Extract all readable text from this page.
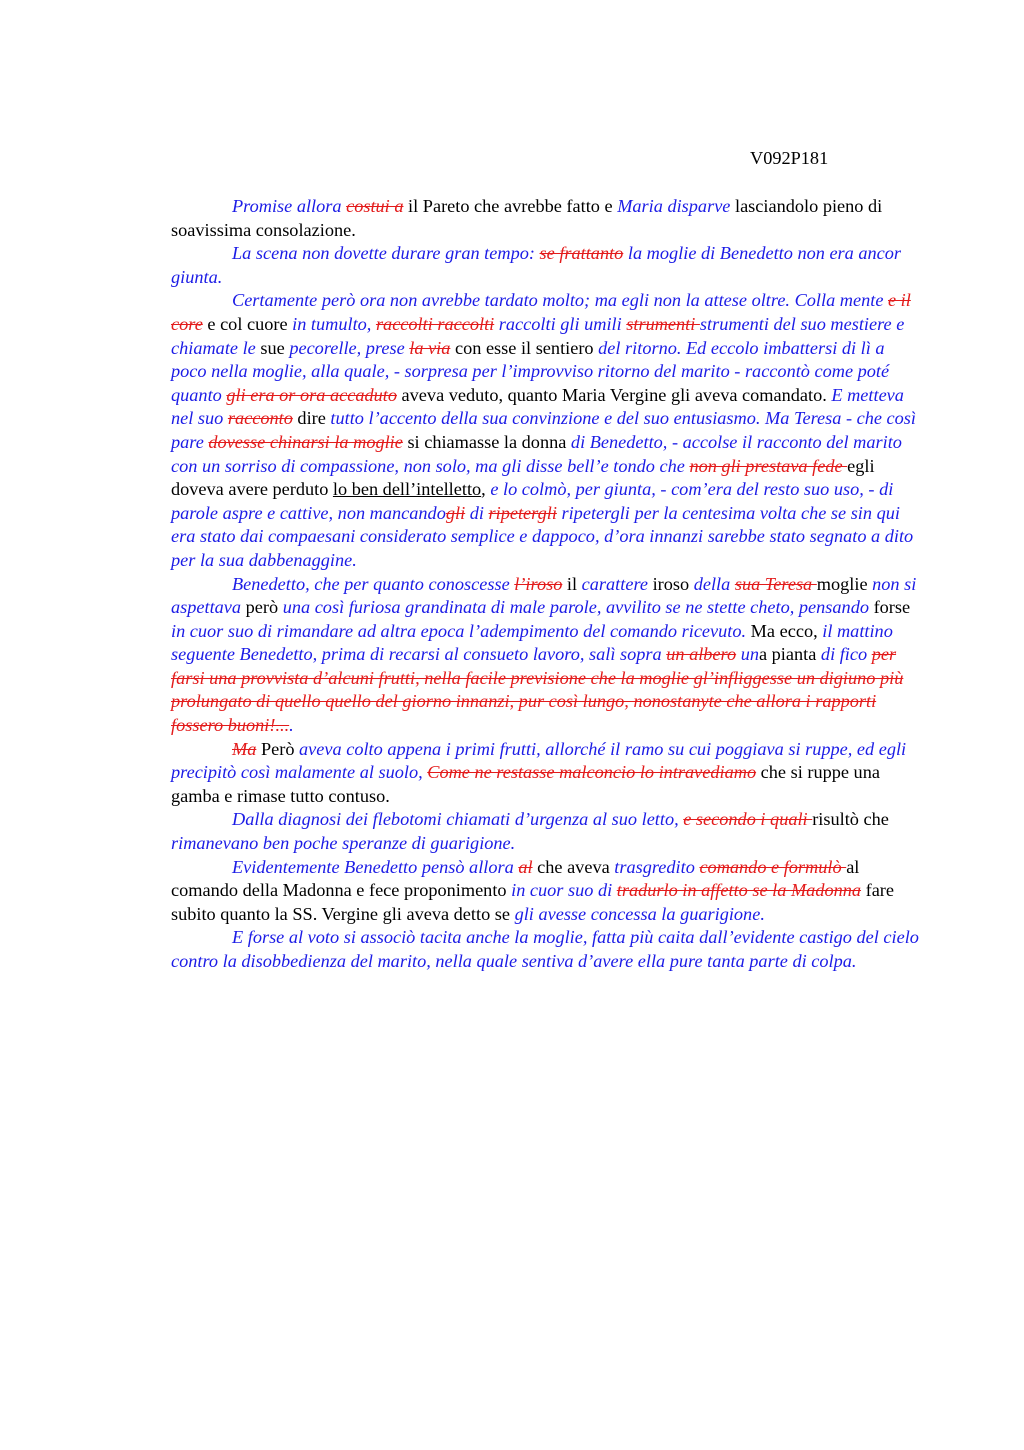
V092P181

Promise allora costui a il Pareto che avrebbe fatto e Maria disparve lasciandolo pieno di soavissima consolazione.

La scena non dovette durare gran tempo: se frattanto la moglie di Benedetto non era ancor giunta.

Certamente però ora non avrebbe tardato molto; ma egli non la attese oltre. Colla mente e il core e col cuore in tumulto, raccolti raccolti raccolti gli umili strumenti strumenti del suo mestiere e chiamate le sue pecorelle, prese la via con esse il sentiero del ritorno. Ed eccolo imbattersi di lì a poco nella moglie, alla quale, - sorpresa per l’improvviso ritorno del marito - raccontò come poté quanto gli era or ora accaduto aveva veduto, quanto Maria Vergine gli aveva comandato. E metteva nel suo racconto dire tutto l’accento della sua convinzione e del suo entusiasmo. Ma Teresa - che così pare dovesse chinarsi la moglie si chiamasse la donna di Benedetto, - accolse il racconto del marito con un sorriso di compassione, non solo, ma gli disse bell’e tondo che non gli prestava fede egli doveva avere perduto lo ben dell’intelletto, e lo colmò, per giunta, - com’era del resto suo uso, - di parole aspre e cattive, non mancandogli di ripetergli ripetergli per la centesima volta che se sin qui era stato dai compaesani considerato semplice e dappoco, d’ora innanzi sarebbe stato segnato a dito per la sua dabbenaggine.

Benedetto, che per quanto conoscesse l’iroso il carattere iroso della sua Teresa moglie non si aspettava però una così furiosa grandinata di male parole, avvilito se ne stette cheto, pensando forse in cuor suo di rimandare ad altra epoca l’adempimento del comando ricevuto. Ma ecco, il mattino seguente Benedetto, prima di recarsi al consueto lavoro, salì sopra un albero una pianta di fico per farsi una provvista d’alcuni frutti, nella facile previsione che la moglie gl’infliggesse un digiuno più prolungato di quello quello del giorno innanzi, pur così lungo, nonostanyte che allora i rapporti fossero buoni!....

Ma Però aveva colto appena i primi frutti, allorché il ramo su cui poggiava si ruppe, ed egli precipitò così malamente al suolo, Come ne restasse malconcio lo intravediamo che si ruppe una gamba e rimase tutto contuso.

Dalla diagnosi dei flebotomi chiamati d’urgenza al suo letto, e secondo i quali risultò che rimanevano ben poche speranze di guarigione.

Evidentemente Benedetto pensò allora al che aveva trasgredito comando e formulò al comando della Madonna e fece proponimento in cuor suo di tradurlo in affetto se la Madonna fare subito quanto la SS. Vergine gli aveva detto se gli avesse concessa la guarigione.

E forse al voto si associò tacita anche la moglie, fatta più caita dall’evidente castigo del cielo contro la disobbedienza del marito, nella quale sentiva d’avere ella pure tanta parte di colpa.
